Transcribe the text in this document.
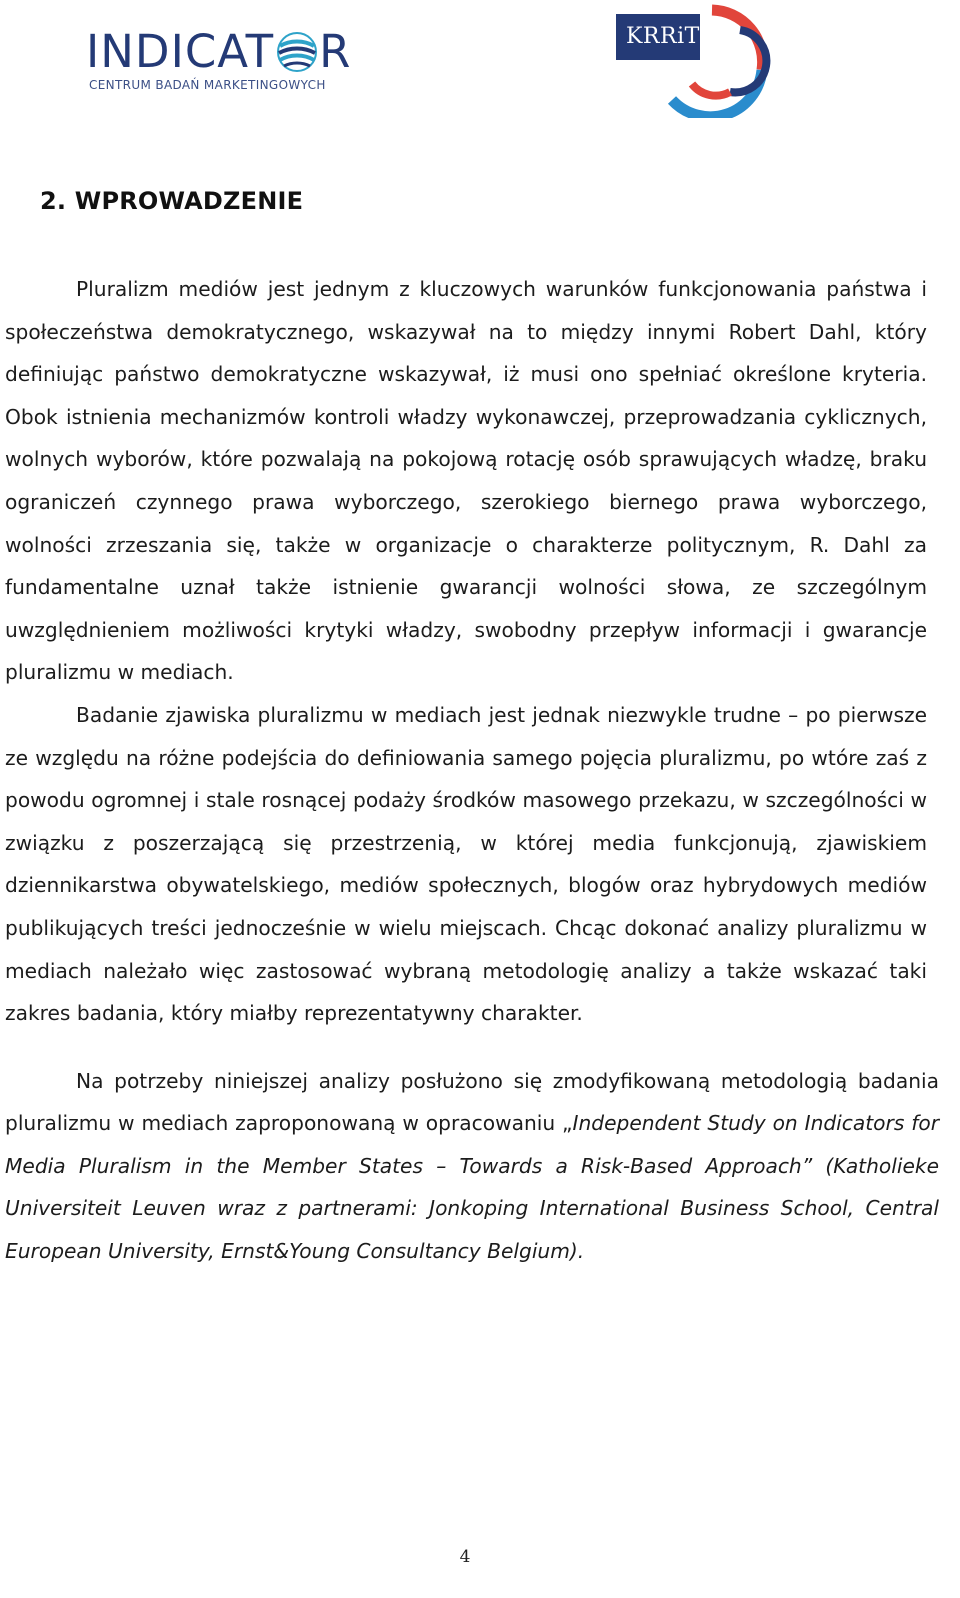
INDICAT R
CENTRUM BADAŃ MARKETINGOWYCH
KRRiT
2. WPROWADZENIE

Pluralizm mediów jest jednym z kluczowych warunków funkcjonowania państwa i społeczeństwa demokratycznego, wskazywał na to między innymi Robert Dahl, który definiując państwo demokratyczne wskazywał, iż musi ono spełniać określone kryteria. Obok istnienia mechanizmów kontroli władzy wykonawczej, przeprowadzania cyklicznych, wolnych wyborów, które pozwalają na pokojową rotację osób sprawujących władzę, braku ograniczeń czynnego prawa wyborczego, szerokiego biernego prawa wyborczego, wolności zrzeszania się, także w organizacje o charakterze politycznym, R. Dahl za fundamentalne uznał także istnienie gwarancji wolności słowa, ze szczególnym uwzględnieniem możliwości krytyki władzy, swobodny przepływ informacji i gwarancje pluralizmu w mediach.

Badanie zjawiska pluralizmu w mediach jest jednak niezwykle trudne – po pierwsze ze względu na różne podejścia do definiowania samego pojęcia pluralizmu, po wtóre zaś z powodu ogromnej i stale rosnącej podaży środków masowego przekazu, w szczególności w związku z poszerzającą się przestrzenią, w której media funkcjonują, zjawiskiem dziennikarstwa obywatelskiego, mediów społecznych, blogów oraz hybrydowych mediów publikujących treści jednocześnie w wielu miejscach. Chcąc dokonać analizy pluralizmu w mediach należało więc zastosować wybraną metodologię analizy a także wskazać taki zakres badania, który miałby reprezentatywny charakter.

Na potrzeby niniejszej analizy posłużono się zmodyfikowaną metodologią badania pluralizmu w mediach zaproponowaną w opracowaniu „Independent Study on Indicators for Media Pluralism in the Member States – Towards a Risk-Based Approach” (Katholieke Universiteit Leuven wraz z partnerami: Jonkoping International Business School, Central European University, Ernst&Young Consultancy Belgium).

4
